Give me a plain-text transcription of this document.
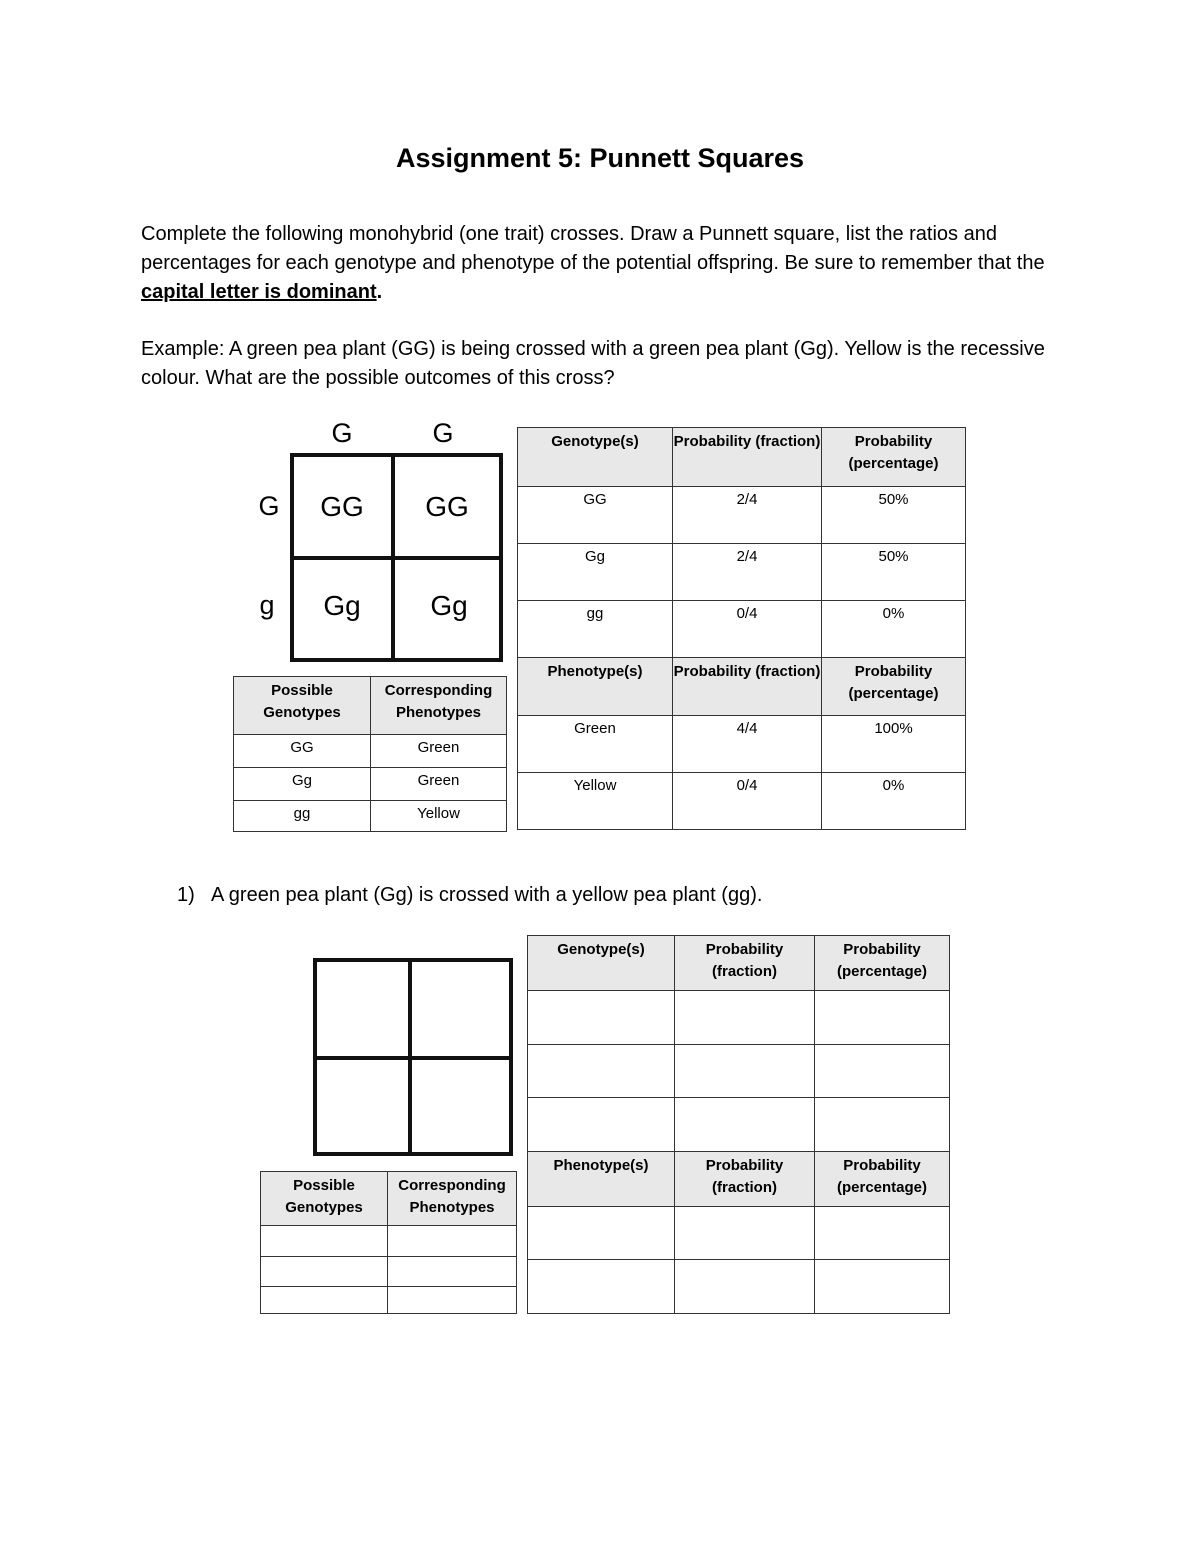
Assignment 5: Punnett Squares
Complete the following monohybrid (one trait) crosses. Draw a Punnett square, list the ratios and percentages for each genotype and phenotype of the potential offspring. Be sure to remember that the capital letter is dominant.
Example: A green pea plant (GG) is being crossed with a green pea plant (Gg). Yellow is the recessive colour. What are the possible outcomes of this cross?
G	G
G
g
GG	GG
Gg	Gg
Possible Genotypes	Corresponding Phenotypes
GG	Green
Gg	Green
gg	Yellow
Genotype(s)	Probability (fraction)	Probability (percentage)
GG	2/4	50%
Gg	2/4	50%
gg	0/4	0%
Phenotype(s)	Probability (fraction)	Probability (percentage)
Green	4/4	100%
Yellow	0/4	0%
1) A green pea plant (Gg) is crossed with a yellow pea plant (gg).
Possible Genotypes	Corresponding Phenotypes

Genotype(s)	Probability (fraction)	Probability (percentage)

Phenotype(s)	Probability (fraction)	Probability (percentage)
